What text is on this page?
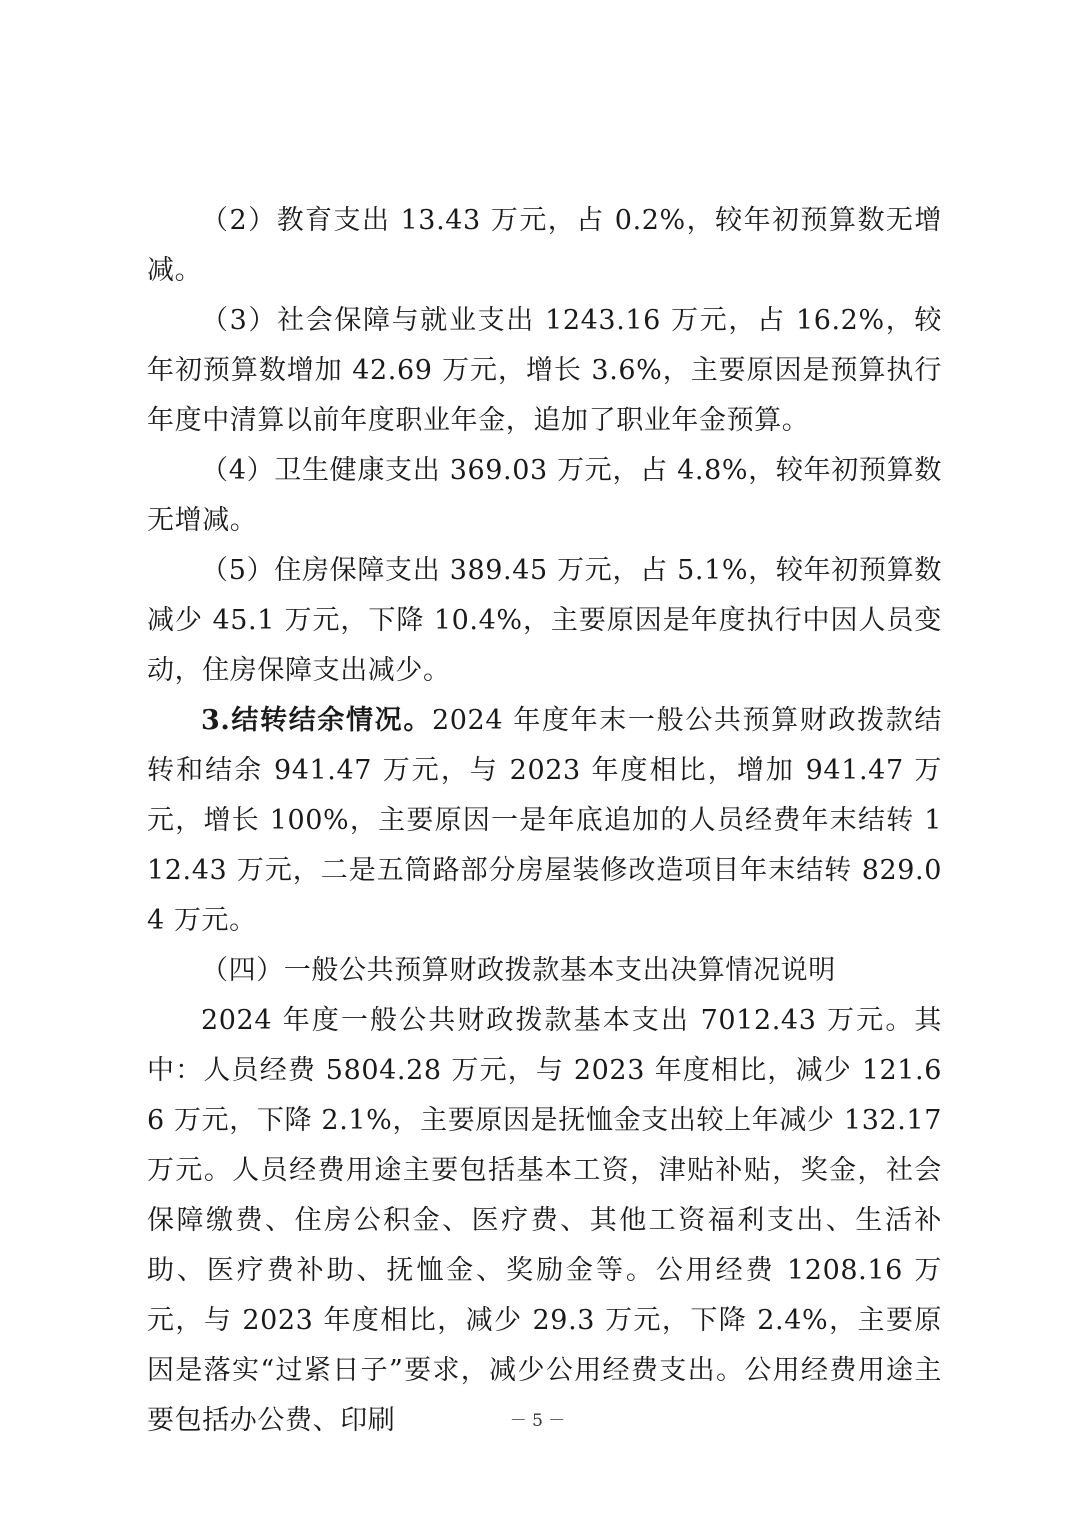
（2）教育支出 13.43 万元，占 0.2%，较年初预算数无增减。

（3）社会保障与就业支出 1243.16 万元，占 16.2%，较年初预算数增加 42.69 万元，增长 3.6%，主要原因是预算执行年度中清算以前年度职业年金，追加了职业年金预算。

（4）卫生健康支出 369.03 万元，占 4.8%，较年初预算数无增减。

（5）住房保障支出 389.45 万元，占 5.1%，较年初预算数减少 45.1 万元，下降 10.4%，主要原因是年度执行中因人员变动，住房保障支出减少。

3.结转结余情况。2024 年度年末一般公共预算财政拨款结转和结余 941.47 万元，与 2023 年度相比，增加 941.47 万元，增长 100%，主要原因一是年底追加的人员经费年末结转 112.43 万元，二是五筒路部分房屋装修改造项目年末结转 829.04 万元。

（四）一般公共预算财政拨款基本支出决算情况说明

2024 年度一般公共财政拨款基本支出 7012.43 万元。其中：人员经费 5804.28 万元，与 2023 年度相比，减少 121.66 万元，下降 2.1%，主要原因是抚恤金支出较上年减少 132.17 万元。人员经费用途主要包括基本工资，津贴补贴，奖金，社会保障缴费、住房公积金、医疗费、其他工资福利支出、生活补助、医疗费补助、抚恤金、奖励金等。公用经费 1208.16 万元，与 2023 年度相比，减少 29.3 万元，下降 2.4%，主要原因是落实“过紧日子”要求，减少公用经费支出。公用经费用途主要包括办公费、印刷	－ 5 －
